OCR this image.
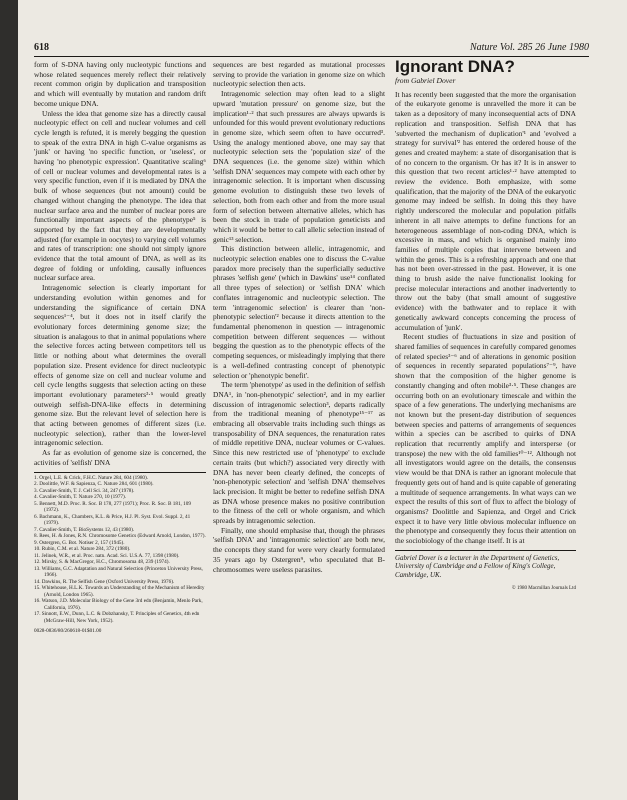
618	Nature Vol. 285 26 June 1980

form of S-DNA having only nucleotypic functions and whose related sequences merely reflect their relatively recent common origin by duplication and transposition and which will eventually by mutation and random drift become unique DNA.

Unless the idea that genome size has a directly causal nucleotypic effect on cell and nuclear volumes and cell cycle length is refuted, it is merely begging the question to speak of the extra DNA in high C-value organisms as 'junk' or having 'no specific function, or 'useless', or having 'no phenotypic expression'. Quantitative scaling⁶ of cell or nuclear volumes and developmental rates is a very specific function, even if it is mediated by DNA the bulk of whose sequences (but not amount) could be changed without changing the phenotype. The idea that nuclear surface area and the number of nuclear pores are functionally important aspects of the phenotype⁵ is supported by the fact that they are developmentally adjusted (for example in oocytes) to varying cell volumes and rates of transcription: one should not simply ignore evidence that the total amount of DNA, as well as its degree of folding or unfolding, causally influences nuclear surface area.

Intragenomic selection is clearly important for understanding evolution within genomes and for understanding the significance of certain DNA sequences¹⁻⁴, but it does not in itself clarify the evolutionary forces determining genome size; the situation is analagous to that in animal populations where the selective forces acting between competitors tell us little or nothing about what determines the overall population size. Present evidence for direct nucleotypic effects of genome size on cell and nuclear volume and cell cycle lengths suggests that selection acting on these important evolutionary parameters³·⁵ would greatly outweigh selfish-DNA-like effects in determining genome size. But the relevant level of selection here is that acting between genomes of different sizes (i.e. nucleotypic selection), rather than the lower-level intragenomic selection.

As far as evolution of genome size is concerned, the activities of 'selfish' DNA

1. Orgel, L.E. & Crick, F.H.C. Nature 284, 604 (1980).
2. Doolittle, W.F. & Sapienza, C. Nature 284, 601 (1980).
3. Cavalier-Smith, T. J. Cell Sci. 34, 247 (1978).
4. Cavalier-Smith, T. Nature 270, 10 (1977).
5. Bennett, M.D. Proc. R. Soc. B 178, 277 (1971); Proc. R. Soc. B 181, 109 (1972).
6. Bachmann, K., Chambers, K.L. & Price, H.J. Pl. Syst. Evol. Suppl. 2, 41 (1979).
7. Cavalier-Smith, T. BioSystems 12, 43 (1980).
8. Rees, H. & Jones, R.N. Chromosome Genetics (Edward Arnold, London, 1977).
9. Ostergren, G. Bot. Notiser 2, 157 (1945).
10. Rubin, C.M. et al. Nature 284, 372 (1980).
11. Jelinek, W.R., et al. Proc. natn. Acad. Sci. U.S.A. 77, 1398 (1980).
12. Mirsky, S. & MacGregor, H.C., Chromosoma 48, 239 (1974).
13. Williams, G.C. Adaptation and Natural Selection (Princeton University Press, 1966).
14. Dawkins, R. The Selfish Gene (Oxford University Press, 1976).
15. Whitehouse, H.L.K. Towards an Understanding of the Mechanism of Heredity (Arnold, London 1965).
16. Watson, J.D. Molecular Biology of the Gene 3rd edn (Benjamin, Menlo Park, California, 1976).
17. Sinnott, E.W., Dunn, L.C. & Dobzhansky, T. Principles of Genetics, 4th edn (McGraw-Hill, New York, 1952).
0028-0836/80/260618-01$01.00

sequences are best regarded as mutational processes serving to provide the variation in genome size on which nucleotypic selection then acts.

Intragenomic selection may often lead to a slight upward 'mutation pressure' on genome size, but the implication¹·² that such pressures are always upwards is unfounded for this would prevent evolutionary reductions in genome size, which seem often to have occurred³. Using the analogy mentioned above, one may say that nucleotypic selection sets the 'population size' of the DNA sequences (i.e. the genome size) within which 'selfish DNA' sequences may compete with each other by intragenomic selection. It is important when discussing genome evolution to distinguish these two levels of selection, both from each other and from the more usual form of selection between alternative alleles, which has been the stock in trade of population geneticists and which it would be better to call allelic selection instead of genic¹³ selection.

This distinction between allelic, intragenomic, and nucleotypic selection enables one to discuss the C-value paradox more precisely than the superficially seductive phrases 'selfish gene' (which in Dawkins' use¹⁴ conflated all three types of selection) or 'selfish DNA' which conflates intragenomic and nucleotypic selection. The term 'intragenomic selection' is clearer than 'non-phenotypic selection'² because it directs attention to the fundamental phenomenon in question — intragenomic competition between different sequences — without begging the question as to the phenotypic effects of the competing sequences, or misleadingly implying that there is a well-defined contrasting concept of phenotypic selection or 'phenotypic benefit'.

The term 'phenotype' as used in the definition of selfish DNA¹, in 'non-phenotypic' selection², and in my earlier discussion of intragenomic selection³, departs radically from the traditional meaning of phenotype¹⁵⁻¹⁷ as embracing all observable traits including such things as transposability of DNA sequences, the renaturation rates of middle repetitive DNA, nuclear volumes or C-values. Since this new restricted use of 'phenotype' to exclude certain traits (but which?) associated very directly with DNA has never been clearly defined, the concepts of 'non-phenotypic selection' and 'selfish DNA' themselves lack precision. It might be better to redefine selfish DNA as DNA whose presence makes no positive contribution to the fitness of the cell or whole organism, and which spreads by intragenomic selection.

Finally, one should emphasise that, though the phrases 'selfish DNA' and 'intragenomic selection' are both new, the concepts they stand for were very clearly formulated 35 years ago by Ostergren⁹, who speculated that B-chromosomes were useless parasites.

Ignorant DNA?
from Gabriel Dover

It has recently been suggested that the more the organisation of the eukaryote genome is unravelled the more it can be taken as a depository of many inconsequential acts of DNA replication and transposition. Selfish DNA that has 'subverted the mechanism of duplication'¹ and 'evolved a strategy for survival'² has entered the ordered house of the genes and created mayhem: a state of disorganisation that is of no concern to the organism. Or has it? It is in answer to this question that two recent articles¹·² have attempted to review the evidence. Both emphasize, with some qualification, that the majority of the DNA of the eukaryotic genome may indeed be selfish. In doing this they have rightly underscored the molecular and population pitfalls inherent in all naive attempts to define functions for an heterogeneous assemblage of non-coding DNA, which is excessive in mass, and which is organised mainly into families of multiple copies that intervene between and within the genes. This is a refreshing approach and one that has not been over-stressed in the past. However, it is one thing to brush aside the naive functionalist looking for precise molecular interactions and another inadvertently to throw out the baby (that small amount of suggestive evidence) with the bathwater and to replace it with genetically awkward concepts concerning the process of accumulation of 'junk'.

Recent studies of fluctuations in size and position of shared families of sequences in carefully compared genomes of related species³⁻⁶ and of alterations in genomic position of sequences in recently separated populations⁷⁻⁹, have shown that the composition of the higher genome is constantly changing and often mobile³·⁵. These changes are occurring both on an evolutionary timescale and within the space of a few generations. The underlying mechanisms are not known but the present-day distribution of sequences between species and patterns of arrangements of sequences within a species can be ascribed to quirks of DNA replication that recurrently amplify and intersperse (or transpose) the new with the old families¹⁰⁻¹². Although not all investigators would agree on the details, the consensus view would be that DNA is rather an ignorant molecule that frequently gets out of hand and is quite capable of generating a multitude of sequence arrangements. In what ways can we expect the results of this sort of flux to affect the biology of organisms? Doolittle and Sapienza, and Orgel and Crick expect it to have very little obvious molecular influence on the phenotype and consequently they focus their attention on the sociobiology of the change itself. It is at

Gabriel Dover is a lecturer in the Department of Genetics, University of Cambridge and a Fellow of King's College, Cambridge, UK.
© 1980 Macmillan Journals Ltd
